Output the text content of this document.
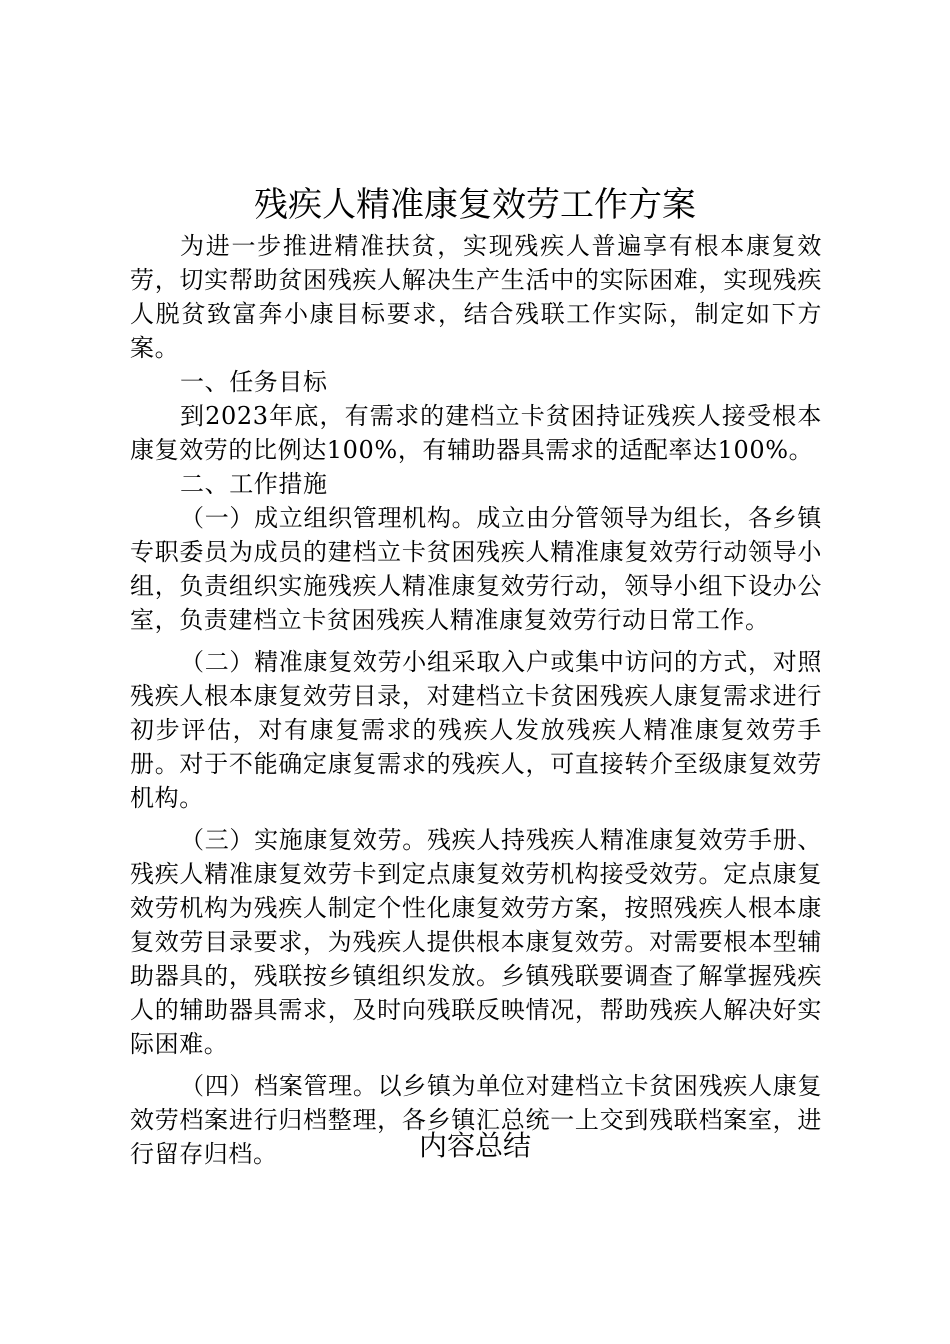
残疾人精准康复效劳工作方案

为进一步推进精准扶贫，实现残疾人普遍享有根本康复效劳，切实帮助贫困残疾人解决生产生活中的实际困难，实现残疾人脱贫致富奔小康目标要求，结合残联工作实际，制定如下方案。

一、任务目标

到2023年底，有需求的建档立卡贫困持证残疾人接受根本康复效劳的比例达100%，有辅助器具需求的适配率达100%。

二、工作措施

（一）成立组织管理机构。成立由分管领导为组长，各乡镇专职委员为成员的建档立卡贫困残疾人精准康复效劳行动领导小组，负责组织实施残疾人精准康复效劳行动，领导小组下设办公室，负责建档立卡贫困残疾人精准康复效劳行动日常工作。

（二）精准康复效劳小组采取入户或集中访问的方式，对照残疾人根本康复效劳目录，对建档立卡贫困残疾人康复需求进行初步评估，对有康复需求的残疾人发放残疾人精准康复效劳手册。对于不能确定康复需求的残疾人，可直接转介至级康复效劳机构。

（三）实施康复效劳。残疾人持残疾人精准康复效劳手册、残疾人精准康复效劳卡到定点康复效劳机构接受效劳。定点康复效劳机构为残疾人制定个性化康复效劳方案，按照残疾人根本康复效劳目录要求，为残疾人提供根本康复效劳。对需要根本型辅助器具的，残联按乡镇组织发放。乡镇残联要调查了解掌握残疾人的辅助器具需求，及时向残联反映情况，帮助残疾人解决好实际困难。

（四）档案管理。以乡镇为单位对建档立卡贫困残疾人康复效劳档案进行归档整理，各乡镇汇总统一上交到残联档案室，进行留存归档。	内容总结
